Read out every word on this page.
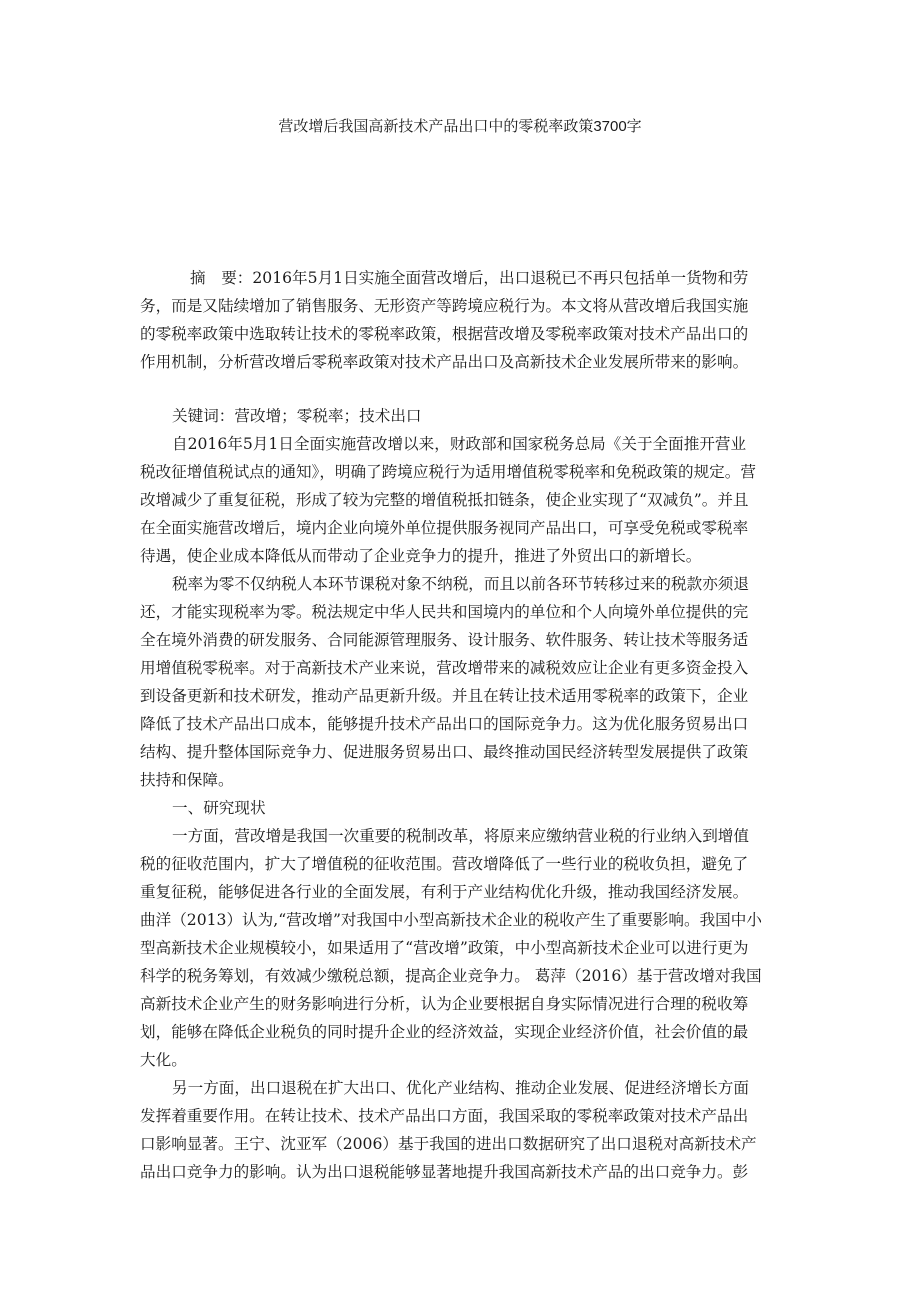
营改增后我国高新技术产品出口中的零税率政策3700字
摘　要：2016年5月1日实施全面营改增后，出口退税已不再只包括单一货物和劳
务，而是又陆续增加了销售服务、无形资产等跨境应税行为。本文将从营改增后我国实施
的零税率政策中选取转让技术的零税率政策，根据营改增及零税率政策对技术产品出口的
作用机制，分析营改增后零税率政策对技术产品出口及高新技术企业发展所带来的影响。
关键词：营改增；零税率；技术出口
自2016年5月1日全面实施营改增以来，财政部和国家税务总局《关于全面推开营业
税改征增值税试点的通知》，明确了跨境应税行为适用增值税零税率和免税政策的规定。营
改增减少了重复征税，形成了较为完整的增值税抵扣链条，使企业实现了“双减负”。并且
在全面实施营改增后，境内企业向境外单位提供服务视同产品出口，可享受免税或零税率
待遇，使企业成本降低从而带动了企业竞争力的提升，推进了外贸出口的新增长。
税率为零不仅纳税人本环节课税对象不纳税，而且以前各环节转移过来的税款亦须退
还，才能实现税率为零。税法规定中华人民共和国境内的单位和个人向境外单位提供的完
全在境外消费的研发服务、合同能源管理服务、设计服务、软件服务、转让技术等服务适
用增值税零税率。对于高新技术产业来说，营改增带来的减税效应让企业有更多资金投入
到设备更新和技术研发，推动产品更新升级。并且在转让技术适用零税率的政策下，企业
降低了技术产品出口成本，能够提升技术产品出口的国际竞争力。这为优化服务贸易出口
结构、提升整体国际竞争力、促进服务贸易出口、最终推动国民经济转型发展提供了政策
扶持和保障。
一、研究现状
一方面，营改增是我国一次重要的税制改革，将原来应缴纳营业税的行业纳入到增值
税的征收范围内，扩大了增值税的征收范围。营改增降低了一些行业的税收负担，避免了
重复征税，能够促进各行业的全面发展，有利于产业结构优化升级，推动我国经济发展。
曲洋（2013）认为,“营改增”对我国中小型高新技术企业的税收产生了重要影响。我国中小
型高新技术企业规模较小，如果适用了“营改增”政策，中小型高新技术企业可以进行更为
科学的税务筹划，有效减少缴税总额，提高企业竞争力。 葛萍（2016）基于营改增对我国
高新技术企业产生的财务影响进行分析，认为企业要根据自身实际情况进行合理的税收筹
划，能够在降低企业税负的同时提升企业的经济效益，实现企业经济价值，社会价值的最
大化。
另一方面，出口退税在扩大出口、优化产业结构、推动企业发展、促进经济增长方面
发挥着重要作用。在转让技术、技术产品出口方面，我国采取的零税率政策对技术产品出
口影响显著。王宁、沈亚军（2006）基于我国的进出口数据研究了出口退税对高新技术产
品出口竞争力的影响。认为出口退税能够显著地提升我国高新技术产品的出口竞争力。彭
